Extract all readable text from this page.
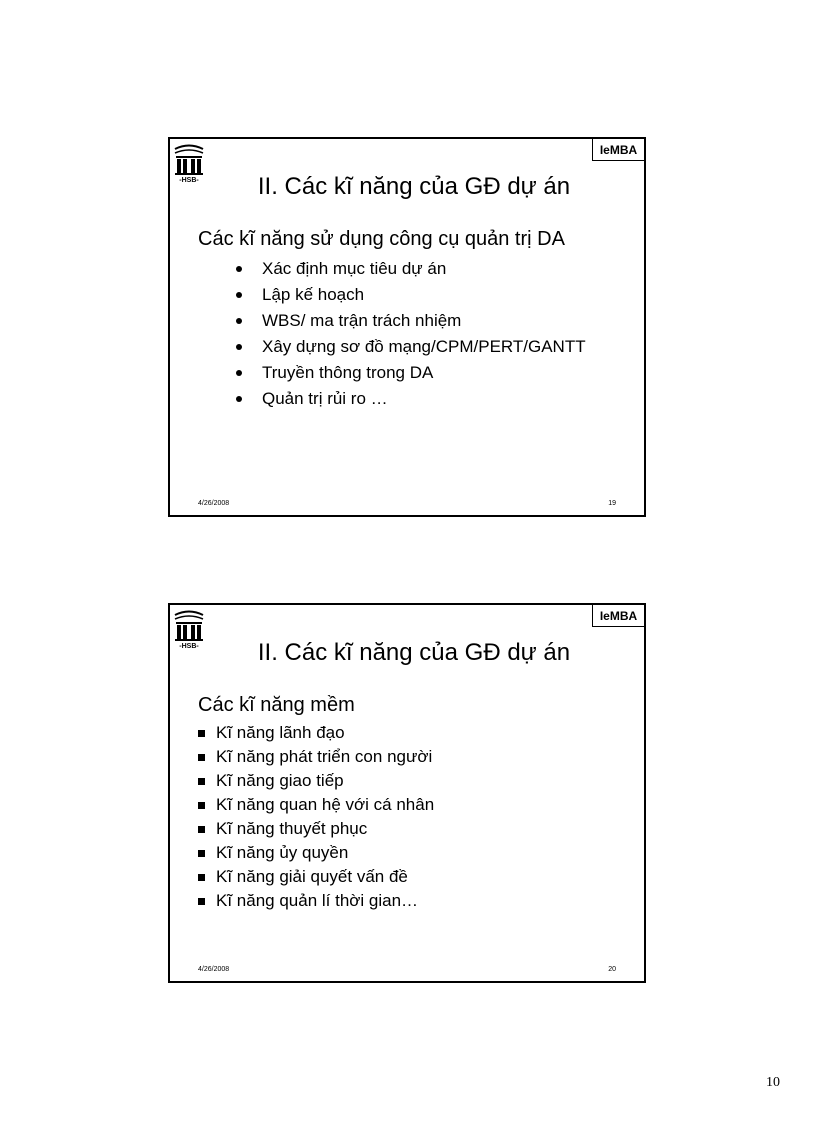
-HSB-
IeMBA
II. Các kĩ năng của GĐ dự án
Các kĩ năng sử dụng công cụ quản trị DA
Xác định mục tiêu dự án
Lập kế hoạch
WBS/ ma trận trách nhiệm
Xây dựng sơ đồ mạng/CPM/PERT/GANTT
Truyền thông trong DA
Quản trị rủi ro …
4/26/2008	19
-HSB-
IeMBA
II. Các kĩ năng của GĐ dự án
Các kĩ năng mềm
Kĩ năng lãnh đạo
Kĩ năng phát triển con người
Kĩ năng giao tiếp
Kĩ năng quan hệ với cá nhân
Kĩ năng thuyết phục
Kĩ năng ủy quyền
Kĩ năng giải quyết vấn đề
Kĩ năng quản lí thời gian…
4/26/2008	20
10
